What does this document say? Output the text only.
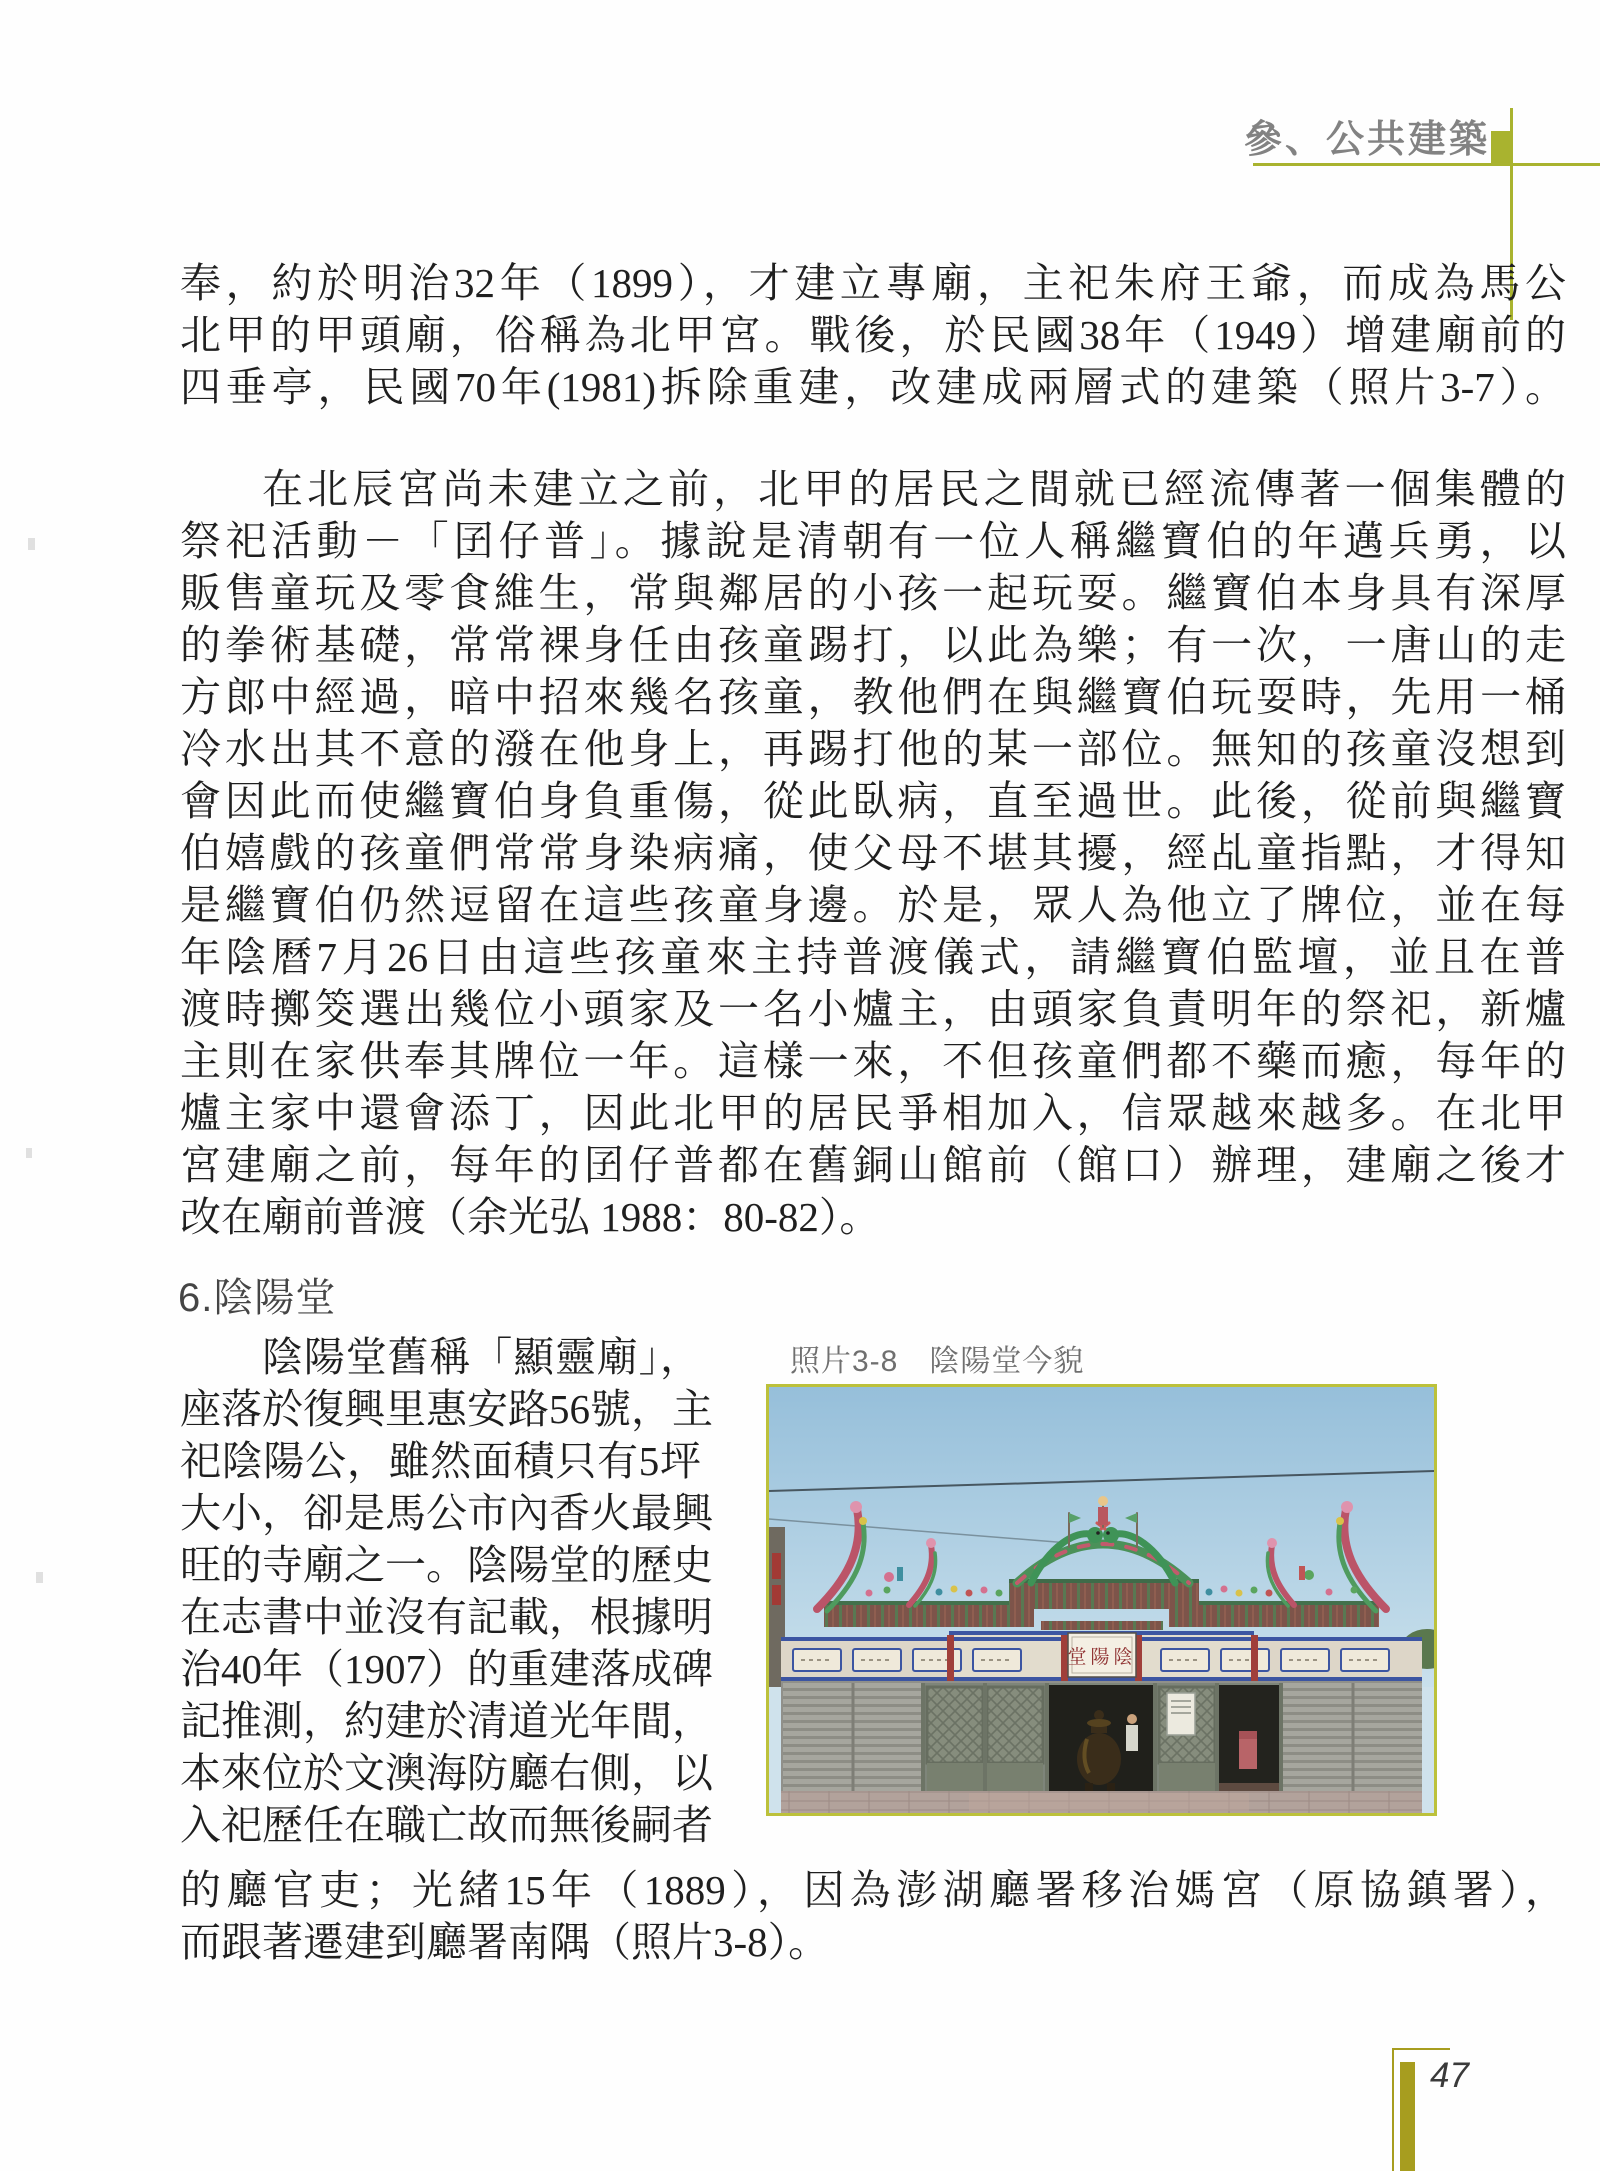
參、公共建築
奉，約於明治32年（1899），才建立專廟，主祀朱府王爺，而成為馬公
北甲的甲頭廟，俗稱為北甲宮。戰後，於民國38年（1949）增建廟前的
四垂亭，民國70年(1981)拆除重建，改建成兩層式的建築（照片3-7）。
在北辰宮尚未建立之前，北甲的居民之間就已經流傳著一個集體的
祭祀活動－「囝仔普」。據說是清朝有一位人稱繼寶伯的年邁兵勇，以
販售童玩及零食維生，常與鄰居的小孩一起玩耍。繼寶伯本身具有深厚
的拳術基礎，常常裸身任由孩童踢打，以此為樂；有一次，一唐山的走
方郎中經過，暗中招來幾名孩童，教他們在與繼寶伯玩耍時，先用一桶
冷水出其不意的潑在他身上，再踢打他的某一部位。無知的孩童沒想到
會因此而使繼寶伯身負重傷，從此臥病，直至過世。此後，從前與繼寶
伯嬉戲的孩童們常常身染病痛，使父母不堪其擾，經乩童指點，才得知
是繼寶伯仍然逗留在這些孩童身邊。於是，眾人為他立了牌位，並在每
年陰曆7月26日由這些孩童來主持普渡儀式，請繼寶伯監壇，並且在普
渡時擲筊選出幾位小頭家及一名小爐主，由頭家負責明年的祭祀，新爐
主則在家供奉其牌位一年。這樣一來，不但孩童們都不藥而癒，每年的
爐主家中還會添丁，因此北甲的居民爭相加入，信眾越來越多。在北甲
宮建廟之前，每年的囝仔普都在舊銅山館前（館口）辦理，建廟之後才
改在廟前普渡（余光弘 1988：80-82）。
6.陰陽堂
陰陽堂舊稱「顯靈廟」，
座落於復興里惠安路56號，主
祀陰陽公，雖然面積只有5坪
大小，卻是馬公市內香火最興
旺的寺廟之一。陰陽堂的歷史
在志書中並沒有記載，根據明
治40年（1907）的重建落成碑
記推測，約建於清道光年間，
本來位於文澳海防廳右側，以
入祀歷任在職亡故而無後嗣者
照片3-8　陰陽堂今貌
堂陽陰
的廳官吏；光緒15年（1889），因為澎湖廳署移治媽宮（原協鎮署），
而跟著遷建到廳署南隅（照片3-8）。
47
